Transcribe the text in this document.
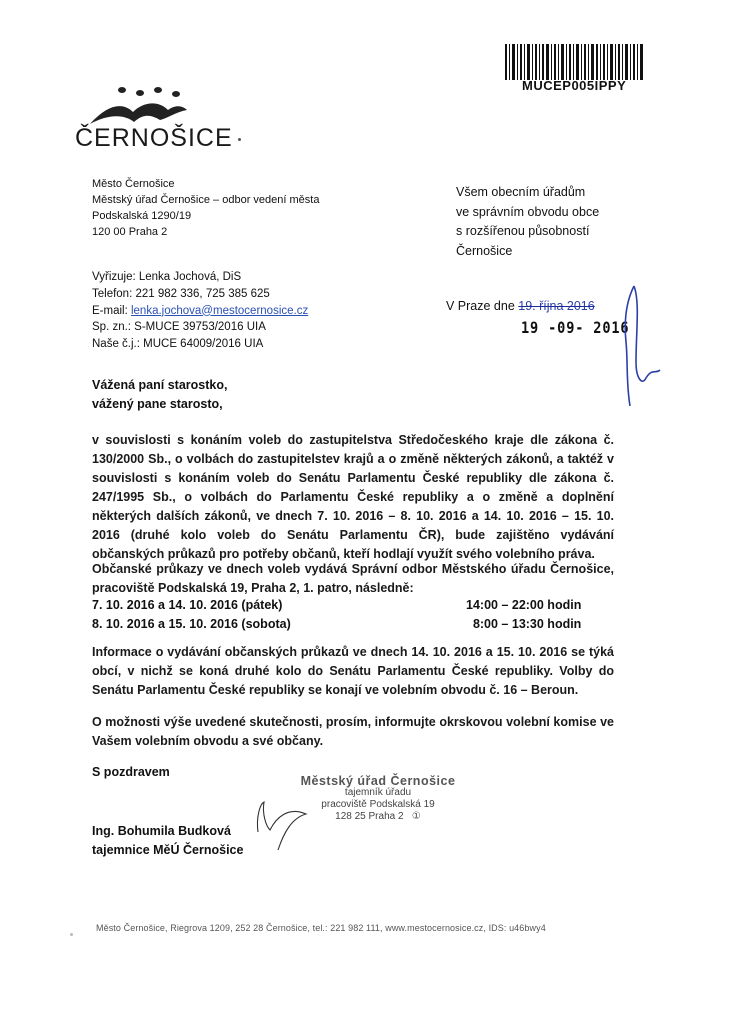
MUCEP005IPPY
ČERNOŠICE
Město Černošice
Městský úřad Černošice – odbor vedení města
Podskalská 1290/19
120 00 Praha 2
Všem obecním úřadům
ve správním obvodu obce
s rozšířenou působností
Černošice
Vyřizuje: Lenka Jochová, DiS
Telefon: 221 982 336, 725 385 625
E-mail: lenka.jochova@mestocernosice.cz
Sp. zn.: S-MUCE 39753/2016 UIA
Naše č.j.: MUCE 64009/2016 UIA
V Praze dne 19. října 2016
19 -09- 2016
Vážená paní starostko,
vážený pane starosto,
v souvislosti s konáním voleb do zastupitelstva Středočeského kraje dle zákona č. 130/2000 Sb., o volbách do zastupitelstev krajů a o změně některých zákonů, a taktéž v souvislosti s konáním voleb do Senátu Parlamentu České republiky dle zákona č. 247/1995 Sb., o volbách do Parlamentu České republiky a o změně a doplnění některých dalších zákonů, ve dnech 7. 10. 2016 – 8. 10. 2016 a 14. 10. 2016 – 15. 10. 2016 (druhé kolo voleb do Senátu Parlamentu ČR), bude zajištěno vydávání občanských průkazů pro potřeby občanů, kteří hodlají využít svého volebního práva.
Občanské průkazy ve dnech voleb vydává Správní odbor Městského úřadu Černošice, pracoviště Podskalská 19, Praha 2, 1. patro, následně:
7. 10. 2016 a 14. 10. 2016 (pátek)	14:00 – 22:00 hodin
8. 10. 2016 a 15. 10. 2016 (sobota)	8:00 – 13:30 hodin
Informace o vydávání občanských průkazů ve dnech 14. 10. 2016 a 15. 10. 2016 se týká obcí, v nichž se koná druhé kolo do Senátu Parlamentu České republiky. Volby do Senátu Parlamentu České republiky se konají ve volebním obvodu č. 16 – Beroun.
O možnosti výše uvedené skutečnosti, prosím, informujte okrskovou volební komise ve Vašem volebním obvodu a své občany.
S pozdravem
Městský úřad Černošice
tajemník úřadu
pracoviště Podskalská 19
128 25 Praha 2 ①
Ing. Bohumila Budková
tajemnice MěÚ Černošice
Město Černošice, Riegrova 1209, 252 28 Černošice, tel.: 221 982 111, www.mestocernosice.cz, IDS: u46bwy4
